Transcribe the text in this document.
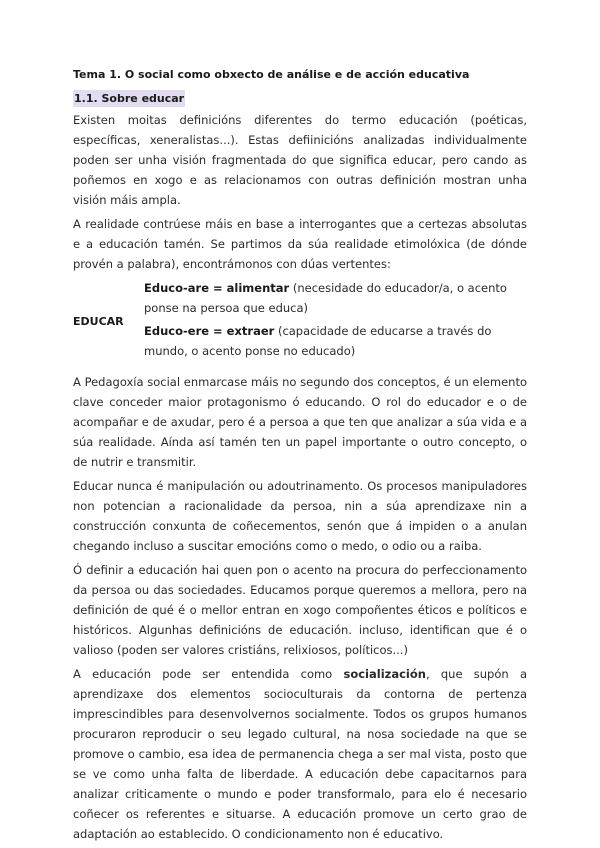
Tema 1. O social como obxecto de análise e de acción educativa
1.1. Sobre educar

Existen moitas definicións diferentes do termo educación (poéticas, específicas, xeneralistas...). Estas defiinicións analizadas individualmente poden ser unha visión fragmentada do que significa educar, pero cando as poñemos en xogo e as relacionamos con outras definición mostran unha visión máis ampla.

A realidade contrúese máis en base a interrogantes que a certezas absolutas e a educación tamén. Se partimos da súa realidade etimolóxica (de dónde provén a palabra), encontrámonos con dúas vertentes:

EDUCAR
Educo-are = alimentar (necesidade do educador/a, o acento ponse na persoa que educa)
Educo-ere = extraer (capacidade de educarse a través do mundo, o acento ponse no educado)

A Pedagoxía social enmarcase máis no segundo dos conceptos, é un elemento clave conceder maior protagonismo ó educando. O rol do educador e o de acompañar e de axudar, pero é a persoa a que ten que analizar a súa vida e a súa realidade. Aínda así tamén ten un papel importante o outro concepto, o de nutrir e transmitir.

Educar nunca é manipulación ou adoutrinamento. Os procesos manipuladores non potencian a racionalidade da persoa, nin a súa aprendizaxe nin a construcción conxunta de coñecementos, senón que á impiden o a anulan chegando incluso a suscitar emocións como o medo, o odio ou a raiba.

Ó definir a educación hai quen pon o acento na procura do perfeccionamento da persoa ou das sociedades. Educamos porque queremos a mellora, pero na definición de qué é o mellor entran en xogo compoñentes éticos e políticos e históricos. Algunhas definicións de educación. incluso, identifican que é o valioso (poden ser valores cristiáns, relixiosos, políticos...)

A educación pode ser entendida como socialización, que supón a aprendizaxe dos elementos socioculturais da contorna de pertenza imprescindibles para desenvolvernos socialmente. Todos os grupos humanos procuraron reproducir o seu legado cultural, na nosa sociedade na que se promove o cambio, esa idea de permanencia chega a ser mal vista, posto que se ve como unha falta de liberdade. A educación debe capacitarnos para analizar criticamente o mundo e poder transformalo, para elo é necesario coñecer os referentes e situarse. A educación promove un certo grao de adaptación ao establecido. O condicionamento non é educativo.
